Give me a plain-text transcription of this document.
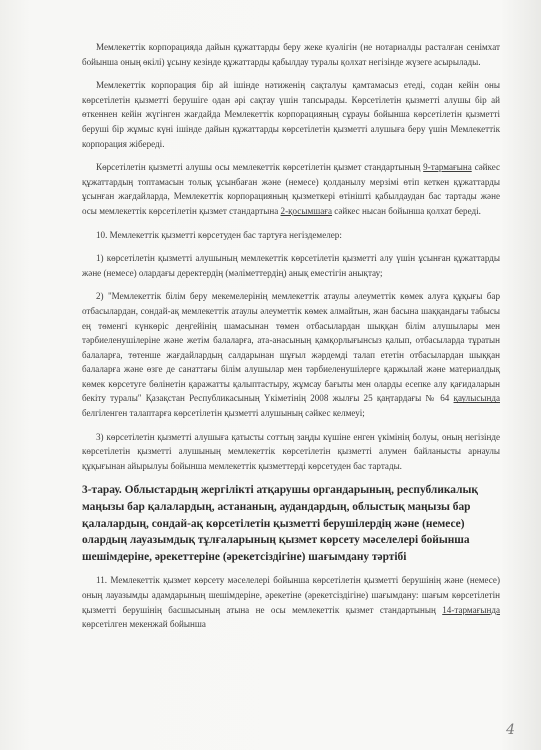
Мемлекеттік корпорацияда дайын құжаттарды беру жеке куәлігін (не нотариалды расталған сенімхат бойынша оның өкілі) ұсыну кезінде құжаттарды қабылдау туралы қолхат негізінде жүзеге асырылады.

Мемлекеттік корпорация бір ай ішінде нәтиженің сақталуы қамтамасыз етеді, содан кейін оны көрсетілетін қызметті берушіге одан әрі сақтау үшін тапсырады. Көрсетілетін қызметті алушы бір ай өткеннен кейін жүгінген жағдайда Мемлекеттік корпорацияның сұрауы бойынша көрсетілетін қызметті беруші бір жұмыс күні ішінде дайын құжаттарды көрсетілетін қызметті алушыға беру үшін Мемлекеттік корпорация жібереді.

Көрсетілетін қызметті алушы осы мемлекеттік көрсетілетін қызмет стандартының 9-тармағына сәйкес құжаттардың топтамасын толық ұсынбаған және (немесе) қолданылу мерзімі өтіп кеткен құжаттарды ұсынған жағдайларда, Мемлекеттік корпорацияның қызметкері өтінішті қабылдаудан бас тартады және осы мемлекеттік көрсетілетін қызмет стандартына 2-қосымшаға сәйкес нысан бойынша қолхат береді.

10. Мемлекеттік қызметті көрсетуден бас тартуға негіздемелер:

1) көрсетілетін қызметті алушының мемлекеттік көрсетілетін қызметті алу үшін ұсынған құжаттарды және (немесе) олардағы деректердің (мәліметтердің) анық еместігін анықтау;

2) "Мемлекеттік білім беру мекемелерінің мемлекеттік атаулы әлеуметтік көмек алуға құқығы бар отбасылардан, сондай-ақ мемлекеттік атаулы әлеуметтік көмек алмайтын, жан басына шаққандағы табысы ең төменгі күнкөріс деңгейінің шамасынан төмен отбасылардан шыққан білім алушылары мен тәрбиеленушілеріне және жетім балаларға, ата-анасының қамқорлығынсыз қалып, отбасыларда тұратын балаларға, төтенше жағдайлардың салдарынан шұғыл жәрдемді талап ететін отбасылардан шыққан балаларға және өзге де санаттағы білім алушылар мен тәрбиеленушілерге қаржылай және материалдық көмек көрсетуге бөлінетін қаражатты қалыптастыру, жұмсау бағыты мен оларды есепке алу қағидаларын бекіту туралы" Қазақстан Республикасының Үкіметінің 2008 жылғы 25 қаңтардағы № 64 қаулысында белгіленген талаптарға көрсетілетін қызметті алушының сәйкес келмеуі;

3) көрсетілетін қызметті алушыға қатысты соттың заңды күшіне енген үкімінің болуы, оның негізінде көрсетілетін қызметті алушының мемлекеттік көрсетілетін қызметті алумен байланысты арнаулы құқығынан айырылуы бойынша мемлекеттік қызметтерді көрсетуден бас тартады.

3-тарау. Облыстардың жергілікті атқарушы органдарының, республикалық маңызы бар қалалардың, астананың, аудандардың, облыстық маңызы бар қалалардың, сондай-ақ көрсетілетін қызметті берушілердің және (немесе) олардың лауазымдық тұлғаларының қызмет көрсету мәселелері бойынша шешімдеріне, әрекеттеріне (әрекетсіздігіне) шағымдану тәртібі

11. Мемлекеттік қызмет көрсету мәселелері бойынша көрсетілетін қызметті берушінің және (немесе) оның лауазымды адамдарының шешімдеріне, әрекетіне (әрекетсіздігіне) шағымдану: шағым көрсетілетін қызметті берушінің басшысының атына не осы мемлекеттік қызмет стандартының 14-тармағында көрсетілген мекенжай бойынша

4
